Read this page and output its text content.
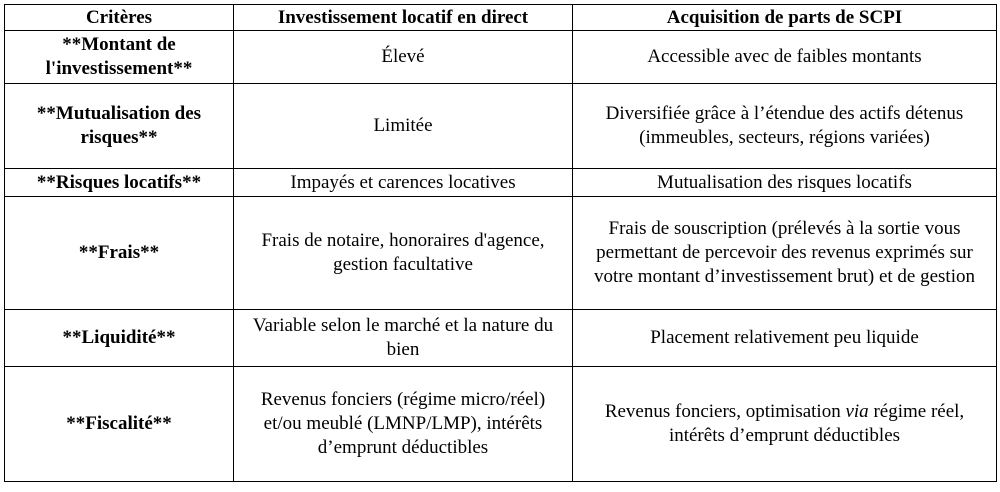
Critères	Investissement locatif en direct	Acquisition de parts de SCPI
**Montant de l'investissement**	Élevé	Accessible avec de faibles montants
**Mutualisation des risques**	Limitée	Diversifiée grâce à l’étendue des actifs détenus (immeubles, secteurs, régions variées)
**Risques locatifs**	Impayés et carences locatives	Mutualisation des risques locatifs
**Frais**	Frais de notaire, honoraires d'agence, gestion facultative	Frais de souscription (prélevés à la sortie vous permettant de percevoir des revenus exprimés sur votre montant d’investissement brut) et de gestion
**Liquidité**	Variable selon le marché et la nature du bien	Placement relativement peu liquide
**Fiscalité**	Revenus fonciers (régime micro/réel) et/ou meublé (LMNP/LMP), intérêts d’emprunt déductibles	Revenus fonciers, optimisation via régime réel, intérêts d’emprunt déductibles
